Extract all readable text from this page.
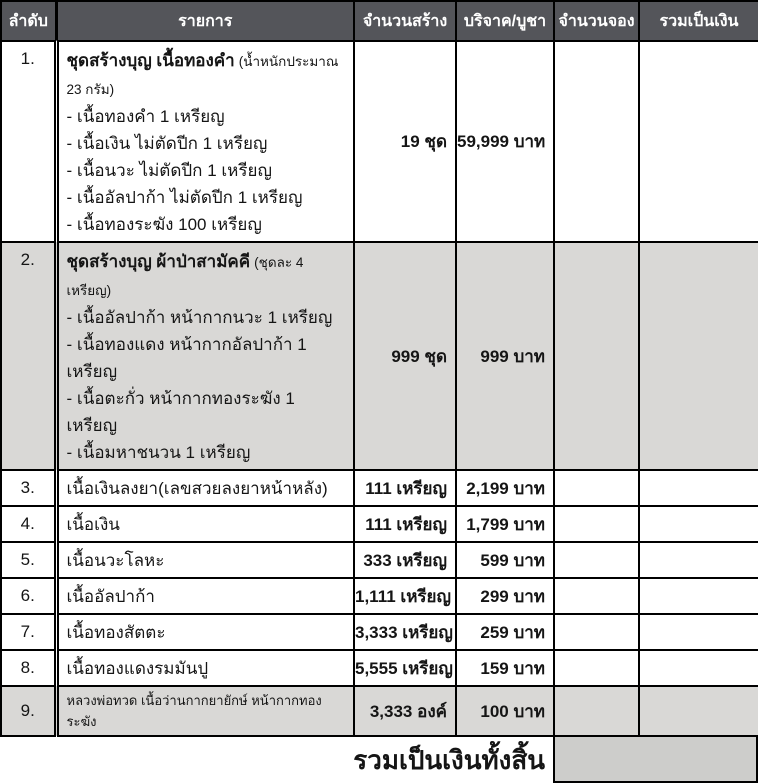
ลำดับ	รายการ	จำนวนสร้าง	บริจาค/บูชา	จำนวนจอง	รวมเป็นเงิน
1.	ชุดสร้างบุญ เนื้อทองคำ (น้ำหนักประมาณ 23 กรัม)
- เนื้อทองคำ 1 เหรียญ
- เนื้อเงิน ไม่ตัดปีก 1 เหรียญ
- เนื้อนวะ ไม่ตัดปีก 1 เหรียญ
- เนื้ออัลปาก้า ไม่ตัดปีก 1 เหรียญ
- เนื้อทองระฆัง 100 เหรียญ
	19 ชุด	59,999 บาท		
2.	ชุดสร้างบุญ ผ้าป่าสามัคคี (ชุดละ 4 เหรียญ)
- เนื้ออัลปาก้า หน้ากากนวะ 1 เหรียญ
- เนื้อทองแดง หน้ากากอัลปาก้า 1 เหรียญ
- เนื้อตะกั่ว หน้ากากทองระฆัง 1 เหรียญ
- เนื้อมหาชนวน 1 เหรียญ	999 ชุด	999 บาท		
3.	เนื้อเงินลงยา(เลขสวยลงยาหน้าหลัง)	111 เหรียญ	2,199 บาท		
4.	เนื้อเงิน	111 เหรียญ	1,799 บาท		
5.	เนื้อนวะโลหะ	333 เหรียญ	599 บาท		
6.	เนื้ออัลปาก้า	1,111 เหรียญ	299 บาท		
7.	เนื้อทองสัตตะ	3,333 เหรียญ	259 บาท		
8.	เนื้อทองแดงรมมันปู	5,555 เหรียญ	159 บาท		
9.	หลวงพ่อทวด เนื้อว่านกากยายักษ์ หน้ากากทองระฆัง	3,333 องค์	100 บาท		
รวมเป็นเงินทั้งสิ้น
